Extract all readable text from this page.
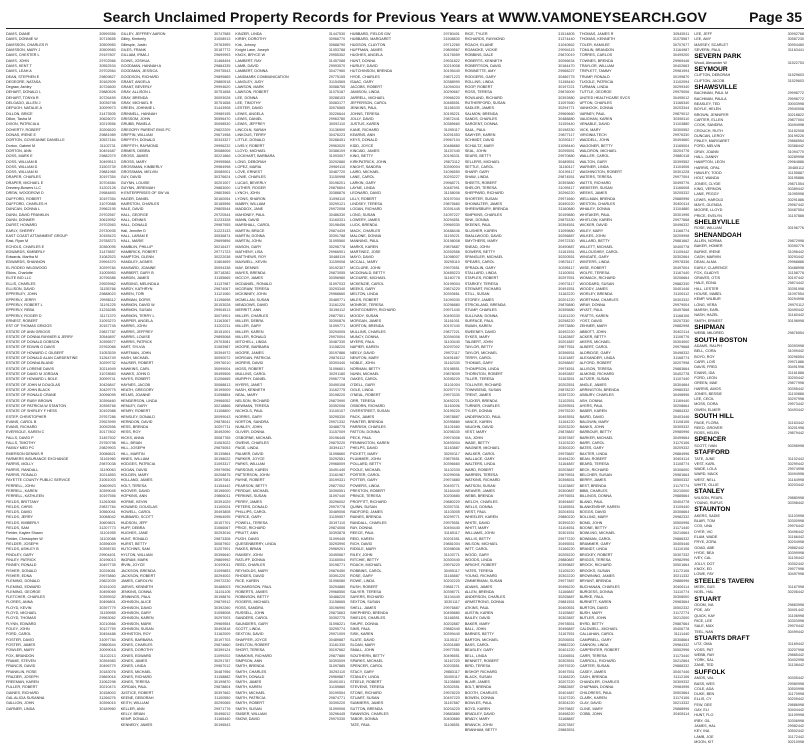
Search Unclaimed Property Records for Previous Years at WWW.VAMONEYSEARCH.GOV	Page 35
DAVIS, DIANE	30599356
DAVIS, DONNIE W	30715655
DAVISSON, CHARLES R	30509983
DAVISSON, MARY J	30509983
DAVIS, CHESTER L	29197807
DAVIS, JOHN	29702566
DAVIS, KENT T	30552534
DAVIS, LEAH A	29702564
DEAN, STEPHEN E	29809827
DEGEORE, NATASA	30162509
Degraw, Ashley	30726600
DEHART, DONALD L	29880526
DEHART, TONYA R	30726459
DELGADO, ALLEN J	30036798
DEPUGH, NATALIE A	30099973
DILLON, BRICE	31473505
Dillon, Tasha M	30626070
DIXON, PATRICIA A	30219556
DOHERTY, ROBERT	30206520
DONAS, IRENE E	29881989
DORTON, GOVIEANNE DANIELLE	30537164
Dorton, Gabriel M	31102731
DORTON, ANN	30491687
DOSS, MARK E	29882379
DOSS, WILLIAM B	30499513
DOSS, WILLIAM D	31503739
DOSS, WILLIAM M	29881965
DRAPER, CHARLES	30197354
DRAPER, MICHAEL E	30704584
Drewery-Bowers LLC	31202128
DREW, WOODROW D	29984893
DUFFORD, ROBERT	30197354
DUFFORD, CHARLES H	31070588
DUNCAN, DONNA L	29962195
DUNN, DAVID FRANKLIN	29702567
DUNN, DONNER	30615952
DURST, HOWARD	29702563
EARLY, SHERRY	29730935
EAST COAST ATTAINMENT GROUP	30155423
East, Ryan M	29788373
ECHOLS, CHARLES E	30360095
EDWARDS, KIMBERLY	31475857
Edwards, Martha M	31082523
EDWARDS, SHANNON	29994370
EL RODEO WILDWOOD	30299784
Elkins, Charlotte	31005953
ELITE BIO LLC	30796386
ELLIS, CHARLES	29925962
ELLISON, DAVID	31155766
EPPERLEY, JOHN	29888023
EPPERLY, JERRY	29998112
EPPERLY, ROBERT L	31191225
EPPERLY, REBA	31236285
EPPERLY, ROGER D	31171370
ERNEST, ROBERT	31093270
EST OF THOMAS GRIGGS	30157745
ESTATE OF ANN GRIGGS	29837787
ESTATE OF DONNA RAYMER & JERRY	30546897
ESTATE OF DONALD DOBSON	30396577
ESTATE OF EDWIN G DAVIS	29762066
ESTATE OF HOWARD C GILBERT	31053539
ESTATE OF DONALD ALAN CARDENTINE	31264749
ESTATE OF DONNA BLAND	30299732
ESTATE OF LORENE DAVIS	30214949
ESTATE OF DAVID M JORDAN	31078583
ESTATE OF HOWARD L BOLE	30099741
ESTATE OF JOHN M DOUGLAS	30426847
ESTATE OF JOHN BLACK	30429775
ESTATE OF RONALD CRANE	30096095
ESTATE OF RUBY BROWN	30396460
ESTATE OF PATRICIA W STANTON	30398766
ESTATE OF SHIRLEY F HESS	30192988
ESTEP, CHRISTOPHER	29767286
EVANS, CAROL B	29923999
EVANS, RICHARD	30092556
EVERSOLE, KAREN C	30177802
FALLS, DAVID P	31457502
FALLS, TIMOTHY	29760798
FAMILY MED PC	29829903
EMERSON DENNIS R	30086621
FARMERS INSURANCE EXCHANGE	31161960
FARRIS, MOLLY	29870038
FARRIS, RANDALL	31190063
FARRIS, RONALD	30214853
FAYETTE COUNTY PUBLIC SERVICE	31061003
FERRELL, JOHN	30609923
FERRELL, KAREN	30399045
FERRELL, KATHLEEN	30197556
FIELDS, BRITTANY	31263065
FIELDS, CHRIS	29837784
FIELDS, DAVID	30560041
FIELDS, JERRY	30088042
FIELDS, KIMBERLY	30609821
FIELDS, SAM	31207773
Fielder, Kaylee Shawn	31101955
Fielder, Christopher W	31102088
FIELDER, JOSEPH	30396009
FIELDS, ASHLEY B	30398783
FINDLEY, GARY	29904401
FINLEY, PATRICK	30196013
FINNEY, RONALD	30497735
FISHER, DONALD	30226081
FISHER, EDNA	29975860
FLEMING, DONALD	29822039
FLEMING, EDWARD	30151003
FLEMING, GEORGE	30495069
FLETCHER, CHARLES	30395932
FLORES, ANNA	30496801
FLOYD, KEVIN	30397779
FLOYD, MICHAEL	31159955
FLOYD, THOMAS	29963062
FLYNN, EDWARD	30210566
FOLEY, JOHN	30127759
FORD, CAROL	30494488
FOSTER, DAVID	31097784
FOSTER, JAMES	29860544
FOWLER, MARY	30099018
FOX, BRANDON	31102213
FRAME, STEVEN	30394983
FRANCIS, DAVID	30496779
FRANKLIN, ROSE	30183076
FRAZIER, JOSEPH	29869016
FREEMAN, KAREN	31062298
FULLER, ROBERT	30210474
GAINES, RICHARD	30158003
GAL ALICIA SUSANNA	31266276
GALLION, JOHN	30396015
GARNER, LINDA	30189960
GILLEY, JEFFREY AARON	30747585
Gilley, Kimberly	31008913
Gillespie, Justin	29763959
GILES, FRANK	30187772
GILLIAM, IRMA J	29699993
GOINS, JOSHUA	31468494
GOODMAN, HANNAH A	29884335
GOODMAN, JESSICA	29975543
GOODSON, RICHARD	29895865
GRANT, ANGELA	29880518
GRANT, BEVERLY	29994620
GRAY, ALLISON L	30751658
GRAY, BRENDA	30093028
GRAY, MICHAEL R	30751658
GREEN, JOHNNIE L	31443908
GRINNELL, HANNAH	29989195
GRISSOM, JOHN	30596470
GRUBB, PAMELA	30098530
GREGORY PARENT EMG PC	29822209
GRIFFIN, WILLIAM	29671958
GRIFFITH, DONALD	30343327
GRIFFITH, RAYMOND	29996232
GRIMES, DEBRA	30088006
GROSS, JAMES	30221866
GROSS, MARY	29995568
GROSSMAN, KIMBERLY	29984998
GROSSMAN, MELVIN	30089001
GUY, DAVID	30376624
GUYNN, LOUISE	30201007
GUYNN, JEREMIAH	29883000
H ENTERPRISES OF SW VA	29803965
HAGER, DANIEL	30160054
HAIRSTON, CHARLES	30165596
HALE, DAVID	29805544
HALL, GEORGE	29720544
HALL, DENNIS	31233328
HALL, DONALD	29987955
Hall, Jennifer D	31223133
HALL, LARAM E	30536874
HALL, MARIE	29699896
HAMBLIN, PHILLIP	30216437
HAMBRICK, ROBERT	29771723
HAMPTON, GLENN	30222038
HANDLEY, AGNES	31804699
HANSARD, JOANNE	30094338
HARBERT, GARY B	30718282
HARDIN, JAMES	31155665
HARDING, MELINDA A	31137987
HARDY, KATHRYN	29674067
HAREN, TORI	31121060
HARMAN, DORIS	31196698
HARMON, DAVID W	30153028
HARMON, SUSAN	29904513
HARMON, TERRY L	30074901
HARPER, ANGELA	31163067
HARRIS, JOHN	31202211
HARRIS, JEFFREY	30151001
HARRIS, LOUISE	29895068
HARRIS, PATRICK	29703081
HART, SYLVIA	31083987
HARTMAN, JOHN	30394972
HASH, MICHAEL	30090072
HAUSER, ROBERT	29976010
HAWKINS, CARL	30099004
HAWKS, JOHN D	30495506
HAYES, ROBERT	31206665
HAYNES, JACOB	30088813
HEATH, GREGORY	30199009
HELMS, JOANNE	31098854
HENDERSON, LINDA	29966052
HENLEY, GARY	30218866
HENRY, ROBERT	31108800
HENSLEY, DONALD	30099043
HERNDON, DAVID	29878041
HESS, BRENDA	30297711
HESS, ROY	30492090
HICKS, ANNA	30087765
HILL, BRIAN	31063022
HILL, JOSEPH	29875053
HILL, MARTIN	30139864
HINES, WILLIAM	30198022
HODGES, PATRICIA	31093317
HOGAN, DAVID	29979056
HOLDEN, MARY	30208875
HOLLAND, JAMES	30397081
HOLT, TERESA	31154442
HOOVER, DAVID	30196000
HOPKINS, ANN	29866011
HORNE, KEVIN	30391029
HOWARD, DOUGLAS	31100024
HOWELL, CAROL	30493808
HUBBARD, SCOTT	29964095
HUDSON, JEFF	30157701
HUFF, DEBRA	31066067
HUGHES, JANE	30293016
HUNT, RONALD	29873308
HURST, BETTY	30087902
HUTCHINS, SAM	31207901
HYLTON, WILLIAM	30396640
INGRAM, MARK	29869992
IRVIN, JOYCE	30199011
JACKSON, BRENDA	31099853
JACKSON, ROBERT	30294002
JAMES, CAROLYN	29972230
JARVIS, KENNETH	30488003
JENKINS, DONNA	31151105
JENNINGS, PAUL	30198876
JOHNSON, ALICE	29879912
JOHNSON, DAVID	30392260
JOHNSON, GARY	31098008
JOHNSON, KAREN	30297003
JOHNSON, MARK	29969554
JOHNSON, SUSAN	30492818
JOHNSTON, ROY	31162009
JONES, BARBARA	30197703
JONES, CHARLES	29874660
JONES, DOROTHY	30399124
JONES, EDWARD	31099202
JONES, JAMES	30291787
JONES, LINDA	29967012
JONES, MICHAEL	30487956
JONES, RICHARD	31158882
JONES, TERESA	30199870
JORDAN, PAUL	29878804
JUSTICE, ROBERT	30397662
KEENE, DEBORAH	31100550
KEITH, WILLIAM	30290065
KELLER, ANN	29971776
KELLY, BRIAN	30496012
KEMP, DONALD	31165440
KENNEDY, JAMES	30196543
KINZER, LINDA	31447530
KIRBY, DOROTHY	30966770
Kirk, Johnny	30688790
Knight Lane, Joseph	31053788
KNOX, BRYCE W	29955352
LAMBERT, RAY	31457088
LAMB, DAVID	29993570
LAMBERT, DONNA	30477960
LANDMARK COMMUNICATION	29775155
LANGLEY, JUDY	31154565
LAWSON, MARK	30088755
LAWSON, ROBERT	31075187
LEE, DONNA	30288103
LEE, TIMOTHY	30083177
LESTER, DAVID	30076565
LEWIS, ANGELA	30226644
LEWIS, DANIEL	29963780
LEWIS, JEFFREY	30092110
LINCOLN, SARAH	31136900
LINKOUS, TERRY	30476223
LITTLE, DONALD	30288451
LIVELY, ROBERT	29963020
LLOYD, MICHAEL	30388109
LOCKHART, BARBARA	31093007
LONG, DEBORAH	30292880
LOPEZ, MARIA	29969110
LOVE, ERNEST	30487720
LOWE, CHARLES	31150998
LUCAS, BEVERLY	30196201
LUTHER, ROGER	29876604
LYNCH, JOHN	30388876
LYONS, SHARON	31098110
MABRY, WILLIAM	30290121
MADDOX, JANE	29972008
MAHONEY, PAUL	30486330
MANN, DAVID	31160331
MARSHALL, CAROL	30198456
MARTIN, BRUCE	29874439
MARTIN, DONNA	30391788
MARTIN, JOHN	31095560
MASON, GARY	30296778
MATHENY, LISA	29966901
MATTHEWS, ROY	30488119
MAXWELL, KEVIN	31159008
MAY, DENNIS	30192307
MAYES, BRENDA	29873055
MCCOY, JAMES	30396980
MCDANIEL, RONALD	31097033
MCGRAW, TERESA	30293340
MCKINNEY, JOHN	29968660
MCMILLAN, SUSAN	30489771
MEADOWS, DAVID	31161220
MERRITT, ANN	30196112
MILLER, CHARLES	29877501
MILLER, DEBRA	30390876
MILLER, GARY	31099771
MILLER, KAREN	30294005
MILLER, RONALD	29970004
MITCHELL, LINDA	30487330
MOORE, BARBARA	31158220
MOORE, JAMES	30197886
MORGAN, PATRICIA	29876112
MORRIS, DAVID	30393440
MOSS, ROBERT	31096601
MULLINS, CAROL	30291180
MURPHY, DANIEL	29967778
MYERS, JANET	30490108
NASH, KENNETH	31162775
NEAL, MARY	30198220
NELSON, RICHARD	29873990
NEWMAN, TERESA	30392006
NICHOLS, PAUL	31100107
NORRIS, GARY	30295330
NORTON, SANDRA	29971332
NUNLEY, JOHN	30488775
OLIVER, DONNA	31157009
OSBORNE, MICHAEL	30196445
OWENS, CHARLES	29875220
PAGE, LINDA	30394117
PALMER, DAVID	31098660
PARKER, JOYCE	30292551
PARKS, WILLIAM	29968009
PARSONS, KAREN	30491440
PATTERSON, JOHN	31161987
PAYNE, ROBERT	30199331
PEARSON, BETTY	29877002
PERDUE, MICHAEL	30390551
PERKINS, SUSAN	31097440
PERRY, JAMES	30296002
PETERS, DONALD	29970778
PHILLIPS, CAROL	30489006
PIERCE, GARY	31159557
POWELL, TERESA	30197110
PRICE, RICHARD	29874006
PRUITT, ANN	30393878
PUGH, DAVID	31099445
QUESENBERRY, LINDA	30293990
RAKES, BRIAN	29969201
RAMSEY, JOHN	30490667
RATLIFF, DONNA	31160004
REED, CHARLES	30198771
REYNOLDS, MARY	29876450
RHODES, DAVID	30391220
RICE, KAREN	31096080
RICHARDSON, PAUL	30294880
ROBERTS, JAMES	29968550
ROBINSON, BETTY	30488220
ROGERS, MICHAEL	31158665
ROSS, SANDRA	30196990
RUSSELL, JOHN	29873663
SANDERS, CAROL	30392775
SAUNDERS, GARY	31098221
SCOTT, LINDA	30295774
SEXTON, DAVID	29971009
SHAFFER, JOYCE	30489887
SHELTON, ROBERT	31161330
SHORT, TERESA	30197662
SIMMONS, RICHARD	29877880
SIMPSON, ANN	30393009
SMITH, BRENDA	31097885
SMITH, CHARLES	30292110
SMITH, DONALD	29969887
SMITH, JAMES	30491001
SMITH, KAREN	31159880
SMITH, MICHAEL	30199554
SMITH, PATRICIA	29874771
SMITH, ROBERT	30390220
SMITH, SUSAN	31099006
SNIDER, WILLIAM	30296445
SNOW, DAVID	29970330
HUBBARD, FIELDS GW	29780401
HUBBARD, MARGARET	31508830
HUDSON, CLAYTON	29712260
HUFFMAN, JAMES	29809567
HUGHES, ANGELA	30176559
HUNT, DONNA	29931822
HURLEY, DAVID	30219008
HUTCHINSON, BRENDA	30195440
HYDE, CHARLES	29871223
ISAAC, GARY	30388990
JACOBS, ROBERT	31094004
JAMISON, LINDA	30290667
JARRELL, MICHAEL	29966220
JEFFERSON, CAROL	30485551
JENKINS, PAUL	31156330
JOHNS, TERESA	30195221
JOLLY, DAVID	29872441
JUSTUS, KAREN	30389660
KANE, RICHARD	31095117
KEARNS, ANN	30291553
KEYS, DONALD	29967104
KIDD, JOYCE	30486880
KINCAID, JAMES	31157440
KING, BETTY	30196331
KIRKPATRICK, JOHN	29873112
KNIGHT, SANDRA	30390004
LAIRD, MICHAEL	31096550
LANE, CAROL	30293227
LARKIN, GARY	29968771
LAYNE, LINDA	30487991
LEONARD, DAVID	31158006
LILLY, ROBERT	30197004
LINDSEY, TERESA	29875660
LOGAN, RICHARD	30391445
LONG, SUSAN	31097227
LOWERY, JAMES	30294551
LUCK, BRENDA	29969330
MACK, CHARLES	30488446
MALONE, DONNA	31159221
MANNING, PAUL	30198008
MARKS, KAREN	29876887
MARTINEZ, JOSE	30392556
MAYO, DAVID	31098007
MCCALL, MARY	30295110
MCCLURE, JOHN	29970551
MCDONALD, BETTY	30489223
MCGUIRE, MICHAEL	31160778
MCKENZIE, CAROL	30199004
MEEKS, GARY	29874220
MELTON, LINDA	30393661
MILES, ROBERT	31099330
MONROE, TERESA	30296880
MONTGOMERY, RICHARD	29971440
MOODY, SUSAN	30490330
MORGAN, JAMES	31161001
MORTON, BRENDA	30197440
MULLINS, CHARLES	29877221
MUNCY, DONNA	30394006
MYERS, PAUL	31100440
NAPIER, KAREN	30297002
NEELY, DAVID	29972117
NEWTON, MARY	30491667
NOBLE, JOHN	31162330
NORMAN, BETTY	30198551
NUNN, MICHAEL	29878009
OAKES, CAROL	30395220
O'DELL, GARY	31101004
OGLE, LINDA	30297774
O'NEAL, ROBERT	29973330
ORR, TERESA	30492221
OSBORN, RICHARD	31163006
OVERSTREET, SUSAN	30199220
PACK, JAMES	29878887
PAINTER, BRENDA	30395880
PARRISH, CHARLES	31101660
PATTON, DONNA	30298330
PECK, PAUL	29974006
PENNINGTON, KAREN	30493004
PHELPS, DAVID	31163887
PICKETT, MARY	30200117
PLUMMER, JOHN	29879551
POLLARD, BETTY	30396660
POOLE, MICHAEL	31102330
PORTER, CAROL	30299006
POTTER, GARY	29974880
POWERS, LINDA	30493771
PRESTON, ROBERT	31164440
PRINCE, TERESA	30200880
PROFFITT, RICHARD	29880220
QUINN, SUSAN	30397331
RADFORD, JAMES	31103005
RAINES, BRENDA	30299771
RANDALL, CHARLES	29975551
RAY, DONNA	30494440
REECE, PAUL	31165117
REID, KAREN	30201551
RICH, DAVID	29881004
RIDDLE, MARY	30398006
RILEY, JOHN	31103771
RITCHIE, BETTY	30300440
ROACH, MICHAEL	29976220
ROBBINS, CAROL	30495117
ROSE, GARY	31165887
ROWE, LINDA	30202220
RUSH, ROBERT	29881771
SALYER, TERESA	30398771
SAYERS, RICHARD	31104440
SEXTON, SUSAN	30301117
SHELL, JAMES	29976887
SHEPHERD, BRENDA	30495880
SHIELDS, CHARLES	31166551
SHUPE, DONNA	30202887
SIMS, PAUL	29882440
SISK, KAREN	30399440
SLATE, DAVID	31105117
SLOAN, MARY	30301880
SMALL, JOHN	29977551
SOUTHERN, BETTY	30496551
SPARKS, MICHAEL	31167220
SPENCER, CAROL	30203551
STACY, GARY	29883117
STANLEY, LINDA	30400117
STEELE, ROBERT	31105880
STEVENS, TERESA	30302551
STONE, RICHARD	29978220
STUART, SUSAN	30497220
SUMMERS, JAMES	31167887
SUTTON, BRENDA	30204220
SWANSON, CHARLES	29883880
TABOR, DONNA	30400880
TATE, PAUL	31106551
RICE, TYLER	31514805
RICHARDS, RAYMOND	31374440
ROACH, ELAINE	31040662
ROANOKE, VICKIE	29994115
ROBBINS, DALE	29870019
ROBERTS, KENNETH	30096634
ROBERTSON, DAVID	30184470
ROBINETTE, AMY	29968227
RODGERS, GARY	30486775
ROLLINS, LINDA	31158440
ROOP, ROBERT	30197221
ROSS, TERESA	29876009
ROWLAND, RICHARD	30392880
RUTHERFORD, SUSAN	31097660
SADLER, JAMES	30294771
SALMON, BRENDA	29969660
SANDS, CHARLES	30488880
SARGENT, DONNA	31159440
SAUL, PAUL	30198330
SAWYER, KAREN	29877117
SCHMIDT, DAVID	30393117
SCHULTZ, MARY	31098440
SEAL, JOHN	30295551
SEARS, BETTY	29970880
SELLERS, MICHAEL	30489551
SETTLE, CAROL	31160117
SHARP, GARY	30199117
SHAW, LINDA	29874551
SHEETS, ROBERT	30393880
SHELOR, TERESA	31099117
SHEPPARD, RICHARD	30296220
SHORTER, SUSAN	29971660
SHOWALTER, JAMES	30490220
SHREWSBURY, BRENDA	31160880
SIMPKINS, CHARLES	30199880
SINK, DONNA	29875330
SKEENS, PAUL	30394551
SLUSHER, KAREN	31099880
SMALLWOOD, DAVID	30296887
SMYTHERS, MARY	29972330
SNEAD, JOHN	30490887
SOWERS, BETTY	31161551
SPANGLER, MICHAEL	30200551
SPEARS, CAROL	29876117
SPRADLIN, GARY	30395117
STALLARD, LINDA	31100551
STAPLES, ROBERT	30297551
STARKEY, TERESA	29973117
STEWART, RICHARD	30491551
STILL, SUSAN	31162220
STOREY, JAMES	30201220
STRICKLAND, BRENDA	29876880
STUMP, CHARLES	30395880
SULLIVAN, DONNA	31101220
SURFACE, PAUL	30298220
SWAIN, KAREN	29973880
SWEENEY, DAVID	30492220
SYKES, MARY	31162887
TALBERT, JOHN	30201887
TAYLOR, BETTY	29877551
TAYLOR, MICHAEL	30396551
TERRY, CAROL	31101887
THOMAS, GARY	30298887
THOMPSON, LINDA	29974551
THORNTON, ROBERT	30492887
TILLER, TERESA	31163551
TOLLIVER, RICHARD	30202551
TOWNSEND, SUSAN	29878220
TRENT, JAMES	30397220
TUCKER, BRENDA	31102551
TURNER, CHARLES	30299551
TYLER, DONNA	29975220
UNDERWOOD, PAUL	30493551
VANCE, KAREN	31164220
VAUGHN, DAVID	30203220
VEST, MARY	29878887
VIA, JOHN	30397887
WADE, BETTY	31103220
WAGNER, MICHAEL	30300220
WALKER, CAROL	29975887
WALLACE, GARY	30494220
WALTERS, LINDA	31164887
WARD, ROBERT	30203887
WARREN, TERESA	29879551
WATKINS, RICHARD	30398551
WATSON, SUSAN	31103887
WEAVER, JAMES	30300887
WEBB, BRENDA	29976551
WELCH, CHARLES	30494887
WELLS, DONNA	31165551
WEST, PAUL	30204551
WHEELER, KAREN	29880220
WHITE, DAVID	30399220
WHITT, MARY	31104551
WILLIAMS, JOHN	30301551
WILLIS, BETTY	29977220
WILSON, MICHAEL	30495551
WITT, CAROL	31166220
WOOD, GARY	30205220
WOODS, LINDA	29880887
WRIGHT, ROBERT	30399887
YATES, TERESA	31105220
YOUNG, RICHARD	30302220
ZIMMERMAN, SUSAN	29977887
ADAMS, JAMES	30496220
ALLEN, BRENDA	31166887
ANDERSON, CHARLES	30205887
ARMSTRONG, DONNA	29881551
ATKINS, PAUL	30400551
AUSTIN, KAREN	31105887
BAILEY, DAVID	30302887
BAKER, MARY	29978551
BALL, JOHN	30496887
BARNES, BETTY	31167551
BARTON, MICHAEL	30206551
BASS, CAROL	29882220
BEASLEY, GARY	30401220
BELL, LINDA	31106551
BENNETT, ROBERT	30303551
BIRD, TERESA	29979220
BISHOP, RICHARD	30497551
BLACK, SUSAN	31168220
BLAIR, JAMES	30207220
BOLT, BRENDA	29882887
BOOTH, CHARLES	30401887
BOWEN, DONNA	31107220
BOWLES, PAUL	30304220
BOYD, KAREN	29979887
BRADLEY, DAVID	30498220
BRADY, MARY	31168887
BRANCH, JOHN	30207887
BRANHAM, BETTY	29883551
THOMAS, JAMES R	30545511
THOMAS, KENNETH	31075567
TOLER, KAMILEE	30707677
TOMLIN, BRANDON	31164987
TORRES, CARLOS	30499200
TOWNES, BRENDA	29969446
TRAYLOR, WILLIAM	30402663
TRIPLETT, TAMMY	29981994
TRUMP, RONALD	30199870
TUGGLE, PATRICIA	31102094
TURMAN, LINDA	30299340
TUTTLE, GEORGE	29975006
UNITED HEALTHCARE SVCS	30495012
UPTON, CHARLES	31166340
VANHOOK, DONNA	30203344
VARNEY, PAUL	29879012
VAUGHAN, KAREN	30398110
VENABLE, DAVID	31103880
VICK, MARY	30300552
VIRGINIA TECH	29976330
WADDELL, JOHN	30494660
WAGONER, BETTY	31165004
WALDRON, MICHAEL	30204776
WALLER, CAROL	29880118
WALTON, GARY	30399552
WARNER, LINDA	31104006
WASHINGTON, ROBERT	30301228
WATERS, TERESA	29977004
WATTS, RICHARD	30495776
WEBSTER, SUSAN	31166008
WEEKS, JAMES	30205332
WELLMAN, BRENDA	29880996
WESTON, CHARLES	30400114
WHALEY, DONNA	31104880
WHITAKER, PAUL	30301996
WHITLOW, KAREN	29977668
WICKER, DAVID	30496332
WILEY, MARY	31166774
WILKES, JOHN	30205998
WILLARD, BETTY	29881662
WILLETT, MICHAEL	30400778
WILLOUGHBY, CAROL	31105442
WINGATE, GARY	30302664
WINTERS, LINDA	29978336
WISE, ROBERT	30497004
WOLFE, TERESA	31167440
WOMACK, RICHARD	30206664
WOODARD, SUSAN	29882330
WOODY, JAMES	30401446
WORLEY, BRENDA	31106112
WORTHAM, CHARLES	30303332
WRAY, DONNA	29979004
WYATT, PAUL	30497668
YEATTS, KAREN	31168106
YOST, DAVID	30207330
ZEHNER, MARY	29882998
ABBOTT, JOHN	30402114
ACKER, BETTY	31106776
AKERS, MICHAEL	30304000
ALBERT, CAROL	29979668
ALDRIDGE, GARY	30498332
ALEXANDER, LINDA	31168774
ALFORD, ROBERT	30207998
ALLISON, TERESA	29883664
ALMOND, RICHARD	30402778
ALTIZER, SUSAN	31107440
ANGLE, JAMES	30304664
ARRINGTON, BRENDA	29980332
ASBURY, CHARLES	30498996
ASH, DONNA	31169440
AYERS, PAUL	30208664
BABER, KAREN	29884332
BAIRD, DAVID	30403446
BALDWIN, MARY	31108106
BANKS, JOHN	30305332
BARBOUR, BETTY	29980996
BARKER, MICHAEL	30499664
BARR, CAROL	31170106
BATES, GARY	30209332
BAXTER, LINDA	29884996
BEAN, ROBERT	30404114
BEARD, TERESA	31108774
BECK, RICHARD	30306000
BELCHER, SUSAN	29981664
BERRY, JAMES	30500332
BEST, BRENDA	31170774
BIBB, CHARLES	30210000
BILLINGS, DONNA	29885664
BLAND, PAUL	30404778
BLANKENSHIP, KAREN	31109440
BOGGS, DAVID	30306664
BOLLING, MARY	29982332
BOND, JOHN	30500996
BOONE, BETTY	31171440
BOWLING, MICHAEL	30210664
BOWMAN, CAROL	29886332
BRAMMER, GARY	30405446
BRANDT, LINDA	31110106
BRICKEY, ROBERT	30307332
BRIGGS, TERESA	29982996
BROCK, RICHARD	30501664
BROOKS, SUSAN	31172106
BROWNING, JAMES	30211332
BRYANT, BRENDA	29886996
BUCHANAN, CHARLES	30406114
BURGESS, DONNA	31110774
BURKE, PAUL	30308000
BURNETT, KAREN	29983664
BURTON, DAVID	30502332
BUSH, MARY	31172774
BUTLER, JOHN	30212000
BYRD, BETTY	29887664
CALDWELL, MICHAEL	30406778
CALLAHAN, CAROL	31111440
CAMPBELL, GARY	30308664
CANNON, LINDA	29984332
CARPENTER, ROBERT	30502996
CARR, TERESA	31173440
CARROLL, RICHARD	30212664
CARTER, SUSAN	29888332
CASEY, JAMES	30407446
CASH, BRENDA	31112106
CHANDLER, CHARLES	30309332
CHAPMAN, DONNA	29984996
CHILDRESS, PAUL	30503664
CLARK, KAREN	31174106
CLAY, DAVID	30213332
CLINE, MARY	29888996
COBB, JOHN	30408114
LEE, JEFF	30992768
LEE, AMY	30587230
MASSEY, SCARLET	30904460
SEVERN, PAUL	31163441
SEVERN PARK
Wood, Alexander W	31522753
SEYMOUR
CLIFTON, DEBORAH	31529603
CLIFTON, JACOB	31529603
SHAWSVILLE
BACHMAN, PAUL M	29998772
BACHMAN, PAULA	29998772
BEASLEY, TED	30003998
BOYLE, HELEN	29940008
BROWN, JENNIFER	30218822
CARTER, ELLEN	29877004
COOK, SANDRA	30494998
CROUCH, RUTH	31152008
DUNCAN, LEROY	30199226
FINLEY, MARGARET	29866554
FORD, MELVIN	30388442
GRAY, JOANN	31094770
HALL, DANNY	30289998
HAMPTON, LEON	29964886
HARRIS, OPAL	30485112
HAWLEY, TODD	31155887
HOLT, WANDA	30195886
JONES, CLYDE	29871554
KING, VERNON	30389442
LANE, PEGGY	31095998
LEWIS, HAROLD	30291886
MAYS, GLENDA	29967442
MOORE, LLOYD	30487554
PRICE, EVELYN	31157886
SHELBYVILLE
ROSE, WILLIAM	30196776
SHENANDOAH
ALLEN, NORMA	29872998
BAKER, HOMER	30390776
BURKE, IRENE	31096442
CASH, MARVIN	30293442
DEAN, ALMA	29968886
EARLY, CLARENCE	30488998
FOX, GLADYS	31158776
GRAVES, OTIS	30197442
HALE, EDNA	29874442
HILL, LESTER	30391998
HOUSE, MABEL	31097554
KEMP, WILBUR	30294998
LONG, VERA	29970112
MARSH, EARL	30490442
NASH, HAZEL	31160442
SMITH, ERNEST	30198998
SHIPMAN
WEBB, MILDRED	29876554
SOUTH BOSTON
ADAMS, RALPH	30393998
BELL, CORA	31099442
BOYD, ROY	30296554
CARR, LOIS	29971886
DAVIS, FRED	30491998
EVANS, IDA	31161886
FORD, LEON	30200442
GREEN, MAE	29877998
HARRIS, AMOS	30395442
JONES, BESSIE	31100886
LEE, CECIL	30297998
MOSS, DORA	29973442
OWEN, ELMER	30493442
SOUTH HILL
PAGE, FLORA	31163442
REED, GROVER	30201998
ROSS, HELEN	29879442
SPENCER
SCOTT, IVAN	30396998
STAFFORD
TATE, JUNE	31102442
VEST, KARL	30299442
WADE, LOLA	29974998
WARD, MACK	30494998
WEST, NELL	31164998
WHITE, OLLIE	30203442
STANLEY
WILSON, PEARL	29880998
YOUNG, RUFUS	30398442
STAUNTON
AKERS, SADIE	31103998
BLAIR, TOM	30300998
COX, UNA	29976442
DYER, VIC	30496442
ELAM, WADE	31166442
FRYE, ZORA	30204998
GOAD, ABE	29882442
HYDE, BEA	30399998
IVEY, CAL	31105442
JOLLY, DOT	30302442
KNOX, ED	29977998
LOWE, FAY	30497998
STEELE'S TAVERN
MEEK, GUS	31167998
NOEL, HAL	30206442
STUART
ODOM, IVA	29883998
POE, JAY	30401442
QUICK, KAY	31106998
RICE, LEE	30303998
SALE, MAX	29979442
TEEL, NAN	30499442
STUARTS DRAFT
UTZ, OMA	31169442
VOSS, PAT	30207998
WEBB, RAY	29885442
YORK, SAL	30402998
ZANE, TED	31108442
SUFFOLK
AMOS, VAL	30305442
BASS, WES	29980998
COLE, ADA	30500998
DUKE, BEN	31170998
ELLIS, CY	30209442
FEW, DEE	29886998
GAY, ELI	30404442
HUNT, FLO	31109998
IRBY, GIL	30306998
JAMES, HAL	29982442
KEY, INA	30502442
LAMB, JOE	31172442
MOON, KIT	30210998
